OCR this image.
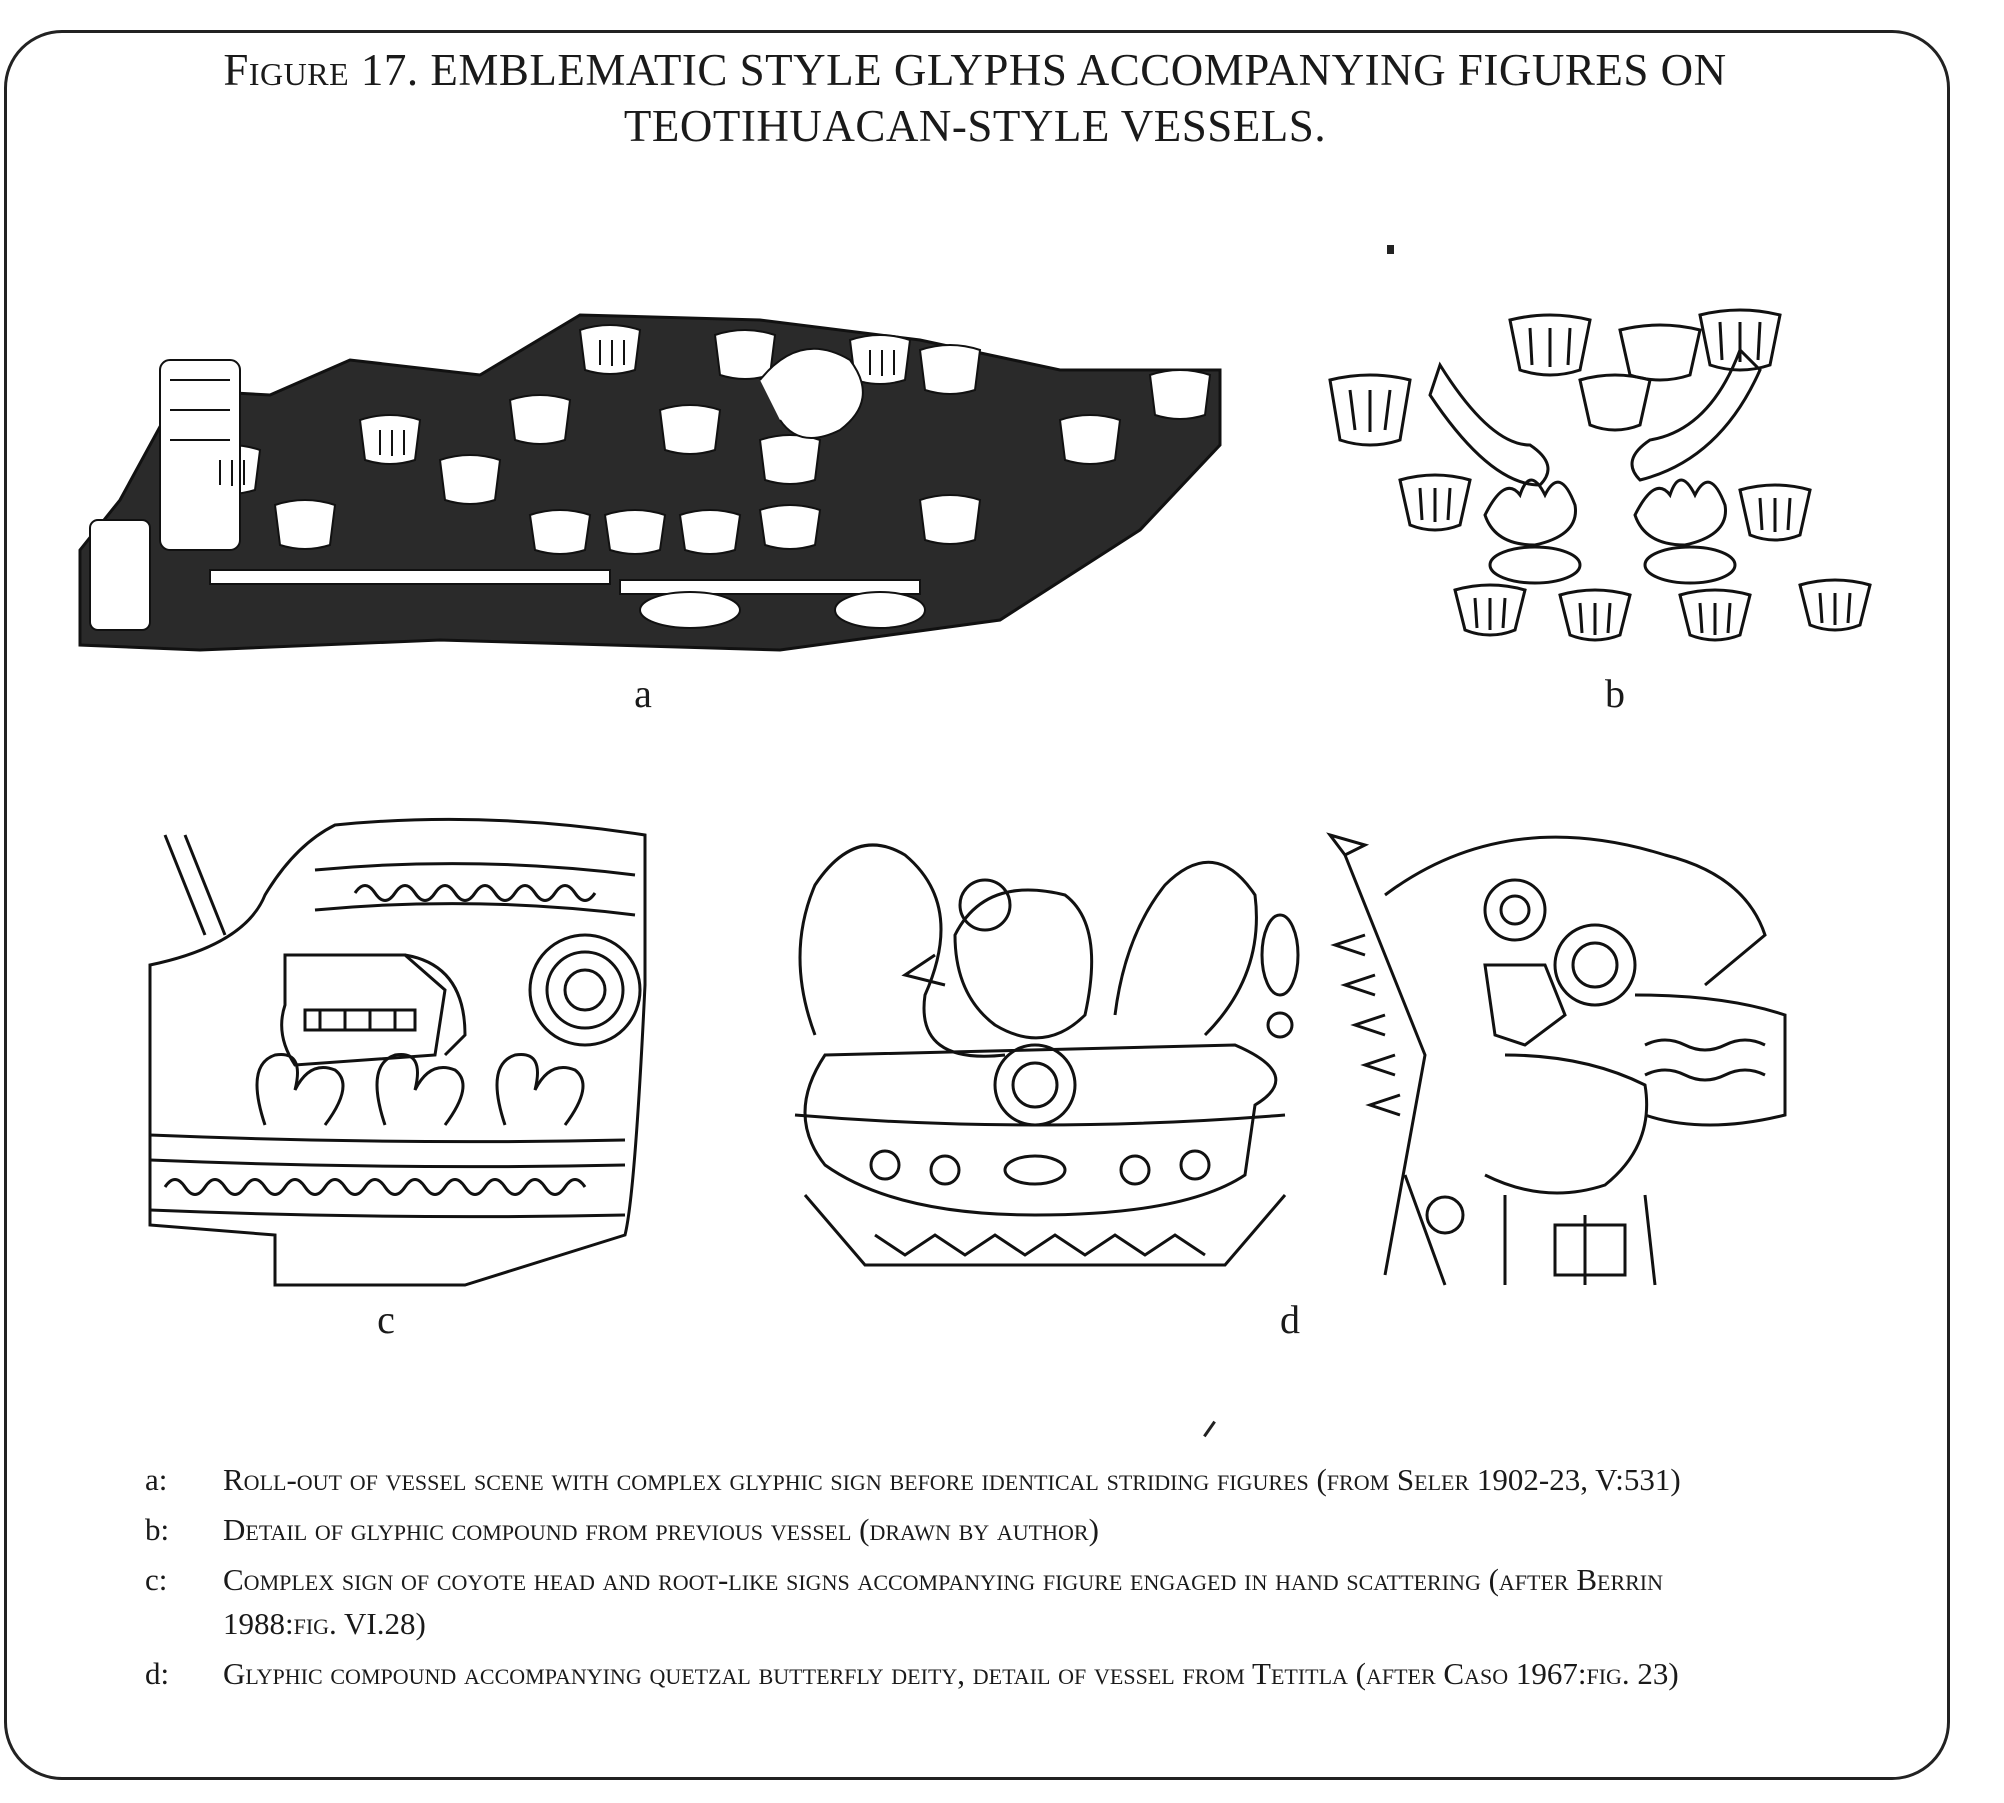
Figure 17. EMBLEMATIC STYLE GLYPHS ACCOMPANYING FIGURES ON
TEOTIHUACAN-STYLE VESSELS.
a	b
c	d
a:	Roll-out of vessel scene with complex glyphic sign before identical striding figures (from Seler 1902-23, V:531)
b:	Detail of glyphic compound from previous vessel (drawn by author)
c:	Complex sign of coyote head and root-like signs accompanying figure engaged in hand scattering (after Berrin 1988:fig. VI.28)
d:	Glyphic compound accompanying quetzal butterfly deity, detail of vessel from Tetitla (after Caso 1967:fig. 23)
